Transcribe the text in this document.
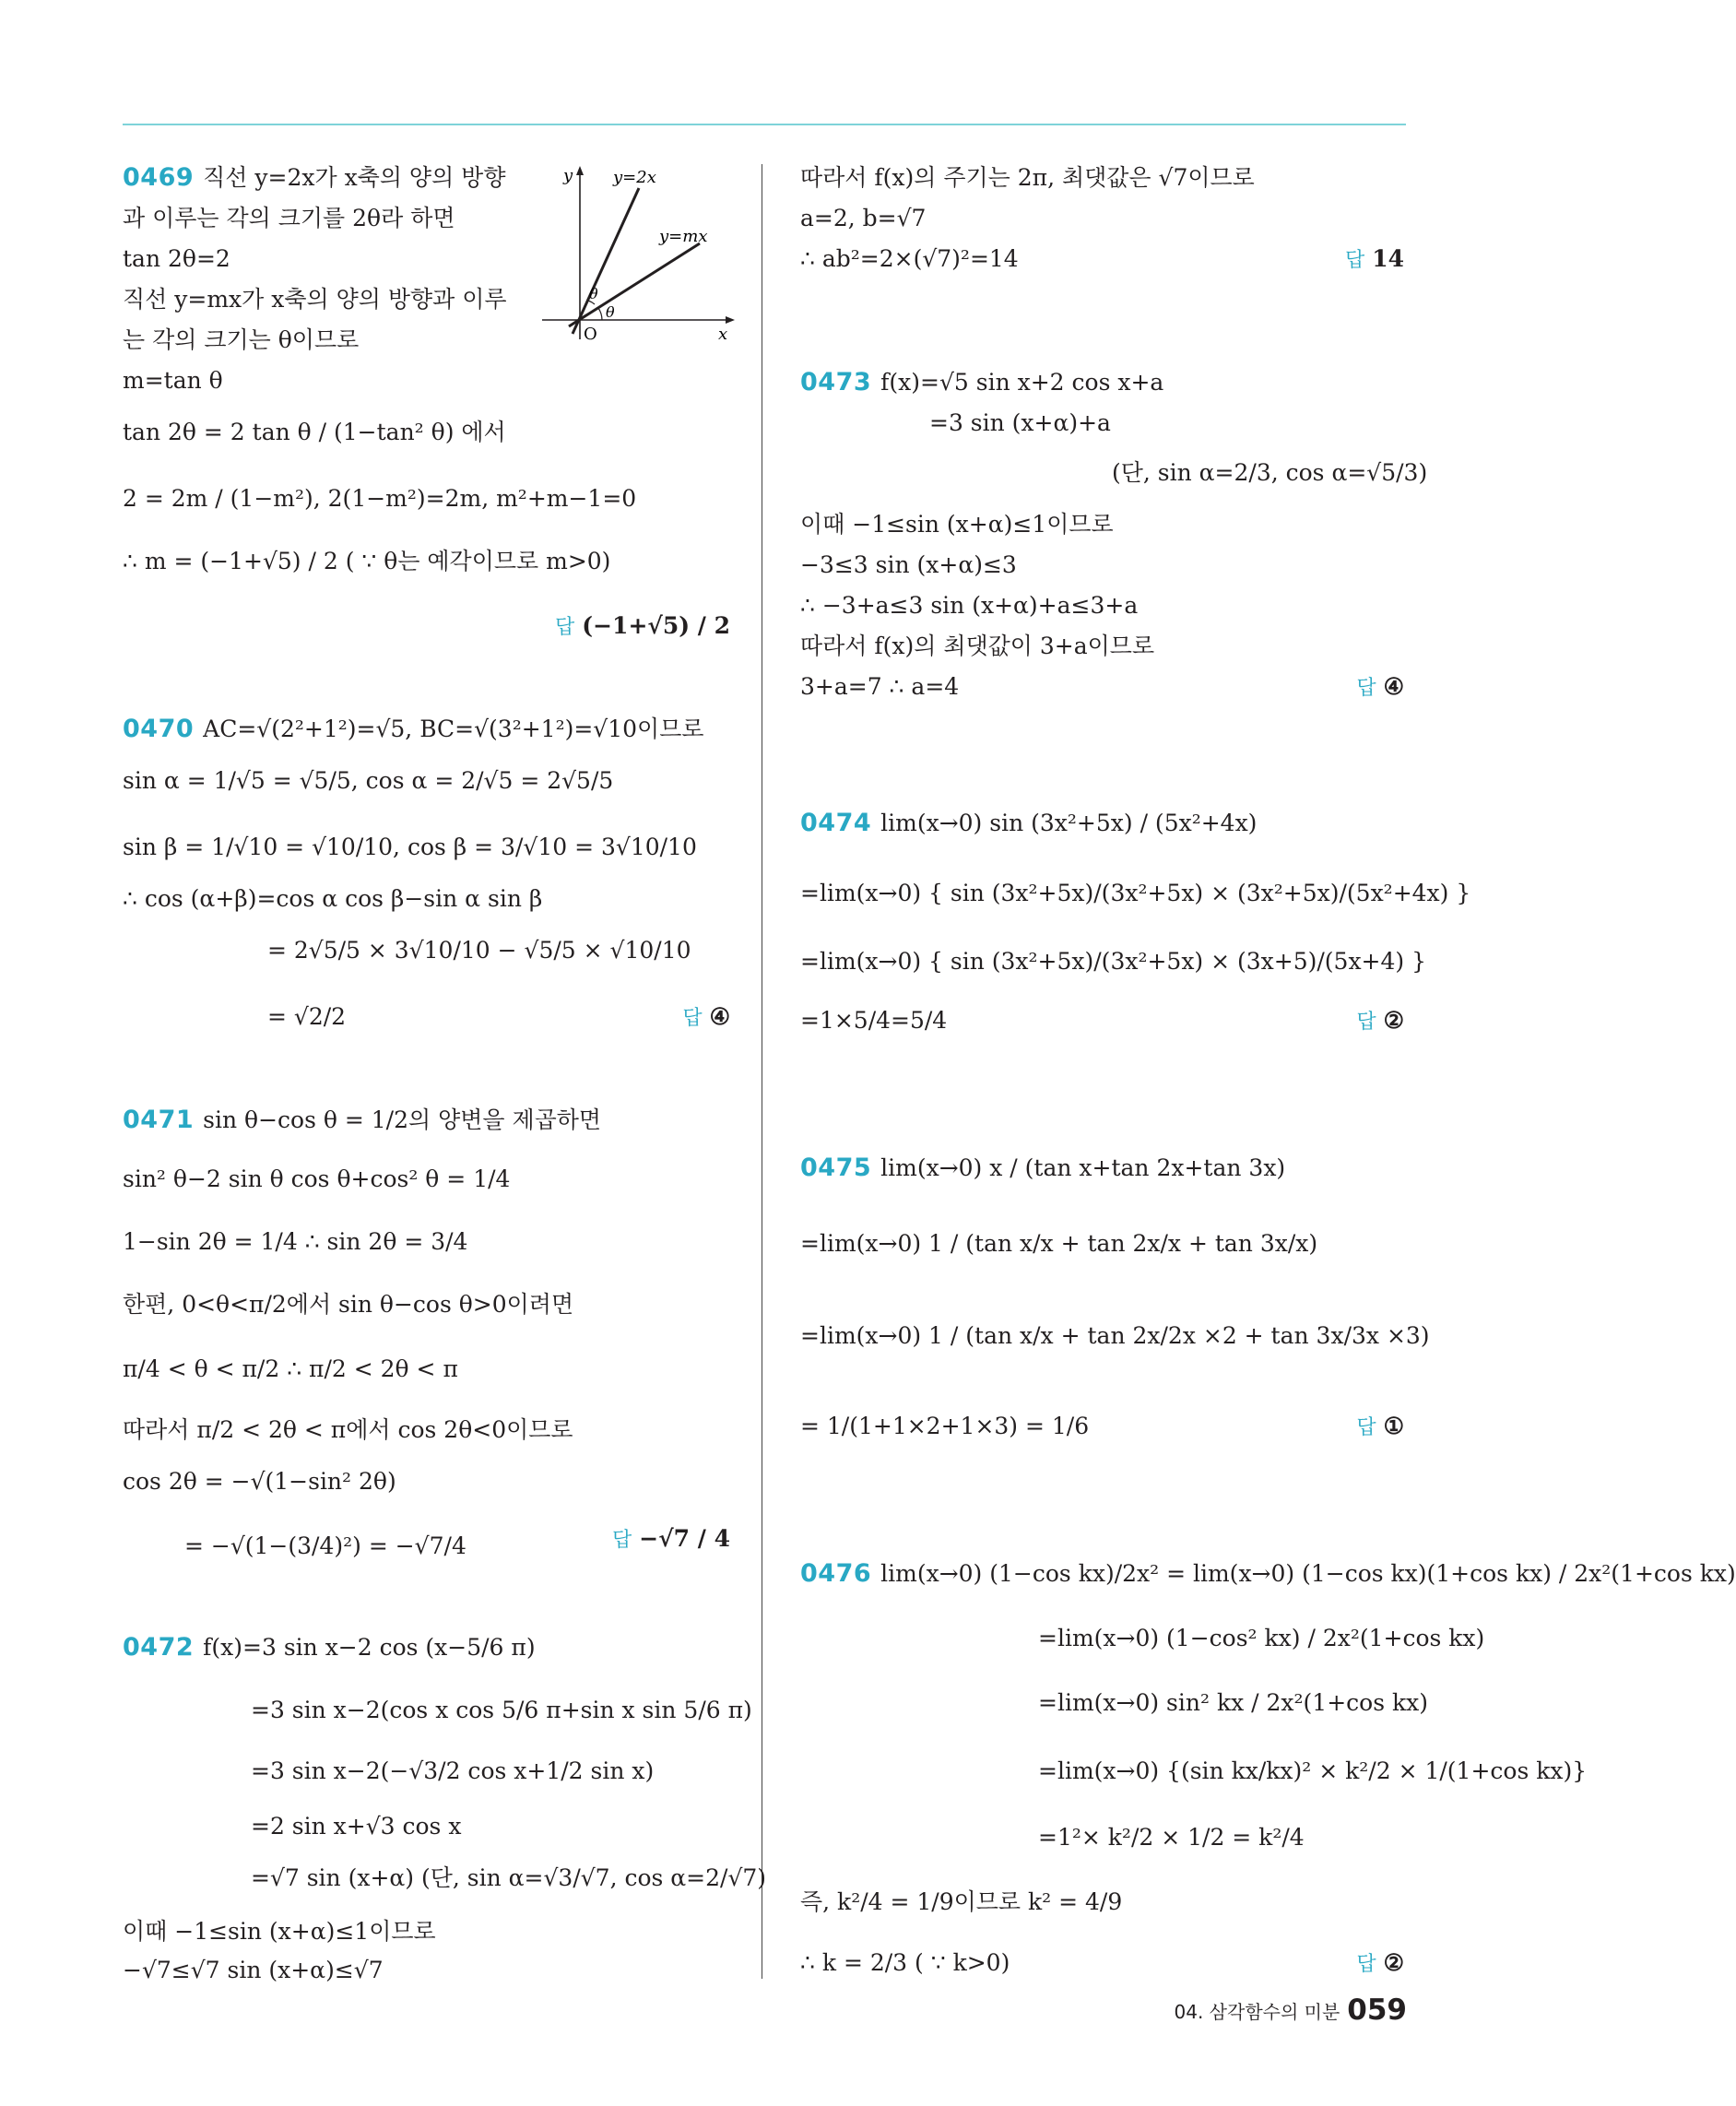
y
x
O
y=2x
y=mx
θ
θ
0469 직선 y=2x가 x축의 양의 방향
과 이루는 각의 크기를 2θ라 하면
tan 2θ=2
직선 y=mx가 x축의 양의 방향과 이루
는 각의 크기는 θ이므로
m=tan θ
tan 2θ = 2 tan θ / (1−tan² θ) 에서
2 = 2m / (1−m²), 2(1−m²)=2m, m²+m−1=0
∴ m = (−1+√5) / 2 ( ∵ θ는 예각이므로 m>0)
답 (−1+√5) / 2
0470 AC=√(2²+1²)=√5, BC=√(3²+1²)=√10이므로
sin α = 1/√5 = √5/5, cos α = 2/√5 = 2√5/5
sin β = 1/√10 = √10/10, cos β = 3/√10 = 3√10/10
∴ cos (α+β)=cos α cos β−sin α sin β
= 2√5/5 × 3√10/10 − √5/5 × √10/10
= √2/2	답 ④
0471 sin θ−cos θ = 1/2의 양변을 제곱하면
sin² θ−2 sin θ cos θ+cos² θ = 1/4
1−sin 2θ = 1/4 ∴ sin 2θ = 3/4
한편, 0<θ<π/2에서 sin θ−cos θ>0이려면
π/4 < θ < π/2 ∴ π/2 < 2θ < π
따라서 π/2 < 2θ < π에서 cos 2θ<0이므로
cos 2θ = −√(1−sin² 2θ)
= −√(1−(3/4)²) = −√7/4	답 −√7 / 4
0472 f(x)=3 sin x−2 cos (x−5/6 π)
=3 sin x−2(cos x cos 5/6 π+sin x sin 5/6 π)
=3 sin x−2(−√3/2 cos x+1/2 sin x)
=2 sin x+√3 cos x
=√7 sin (x+α) (단, sin α=√3/√7, cos α=2/√7)
이때 −1≤sin (x+α)≤1이므로
−√7≤√7 sin (x+α)≤√7
따라서 f(x)의 주기는 2π, 최댓값은 √7이므로
a=2, b=√7
∴ ab²=2×(√7)²=14	답 14
0473 f(x)=√5 sin x+2 cos x+a
=3 sin (x+α)+a
(단, sin α=2/3, cos α=√5/3)
이때 −1≤sin (x+α)≤1이므로
−3≤3 sin (x+α)≤3
∴ −3+a≤3 sin (x+α)+a≤3+a
따라서 f(x)의 최댓값이 3+a이므로
3+a=7 ∴ a=4	답 ④
0474 lim(x→0) sin (3x²+5x) / (5x²+4x)
=lim(x→0) { sin (3x²+5x)/(3x²+5x) × (3x²+5x)/(5x²+4x) }
=lim(x→0) { sin (3x²+5x)/(3x²+5x) × (3x+5)/(5x+4) }
=1×5/4=5/4	답 ②
0475 lim(x→0) x / (tan x+tan 2x+tan 3x)
=lim(x→0) 1 / (tan x/x + tan 2x/x + tan 3x/x)
=lim(x→0) 1 / (tan x/x + tan 2x/2x ×2 + tan 3x/3x ×3)
= 1/(1+1×2+1×3) = 1/6	답 ①
0476 lim(x→0) (1−cos kx)/2x² = lim(x→0) (1−cos kx)(1+cos kx) / 2x²(1+cos kx)
=lim(x→0) (1−cos² kx) / 2x²(1+cos kx)
=lim(x→0) sin² kx / 2x²(1+cos kx)
=lim(x→0) {(sin kx/kx)² × k²/2 × 1/(1+cos kx)}
=1²× k²/2 × 1/2 = k²/4
즉, k²/4 = 1/9이므로 k² = 4/9
∴ k = 2/3 ( ∵ k>0)	답 ②
04. 삼각함수의 미분 059
